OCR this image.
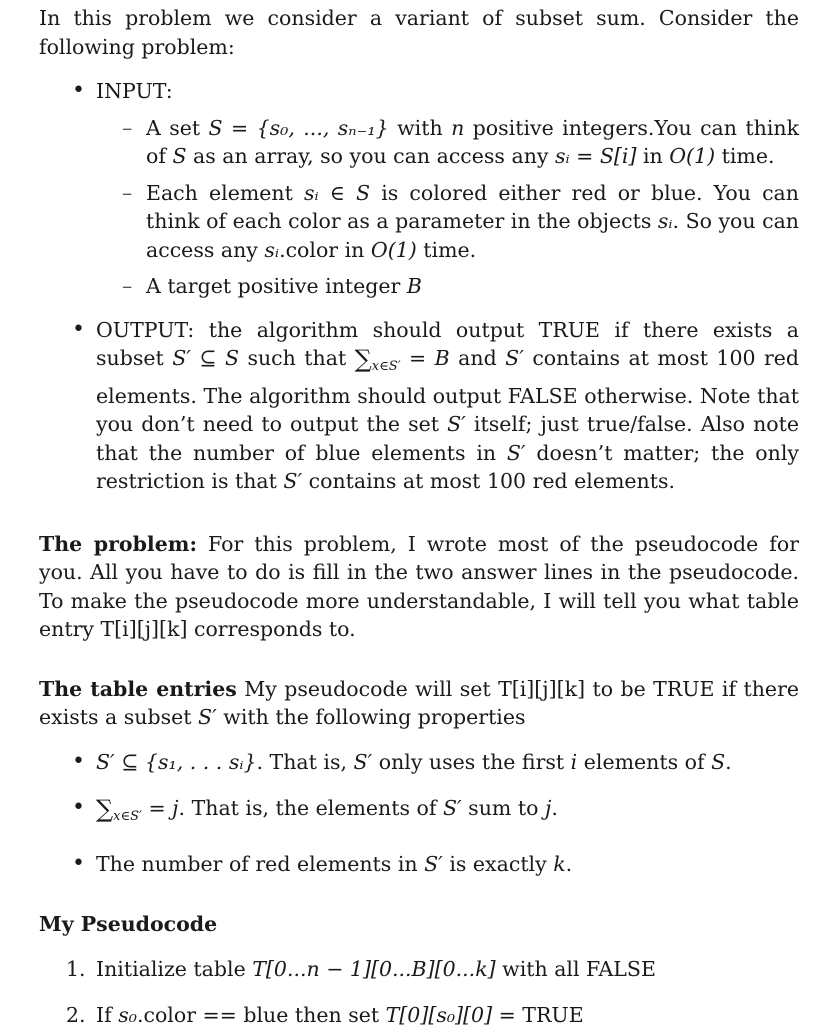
In this problem we consider a variant of subset sum. Consider the following problem:

• INPUT:
– A set S = {s₀, ..., sₙ₋₁} with n positive integers.You can think of S as an array, so you can access any sᵢ = S[i] in O(1) time.
– Each element sᵢ ∈ S is colored either red or blue. You can think of each color as a parameter in the objects sᵢ. So you can access any sᵢ.color in O(1) time.
– A target positive integer B
• OUTPUT: the algorithm should output TRUE if there exists a subset S′ ⊆ S such that $\sum_{x\in S'} = B$ and S′ contains at most 100 red elements. The algorithm should output FALSE otherwise. Note that you don’t need to output the set S′ itself; just true/false. Also note that the number of blue elements in S′ doesn’t matter; the only restriction is that S′ contains at most 100 red elements.

The problem: For this problem, I wrote most of the pseudocode for you. All you have to do is fill in the two answer lines in the pseudocode. To make the pseudocode more understandable, I will tell you what table entry T[i][j][k] corresponds to.

The table entries My pseudocode will set T[i][j][k] to be TRUE if there exists a subset S′ with the following properties

• S′ ⊆ {s₁, . . . sᵢ}. That is, S′ only uses the first i elements of S.
• $\sum_{x\in S'} = j$. That is, the elements of S′ sum to j.
• The number of red elements in S′ is exactly k.

My Pseudocode

1. Initialize table T[0...n − 1][0...B][0...k] with all FALSE
2. If s₀.color == blue then set T[0][s₀][0] = TRUE
